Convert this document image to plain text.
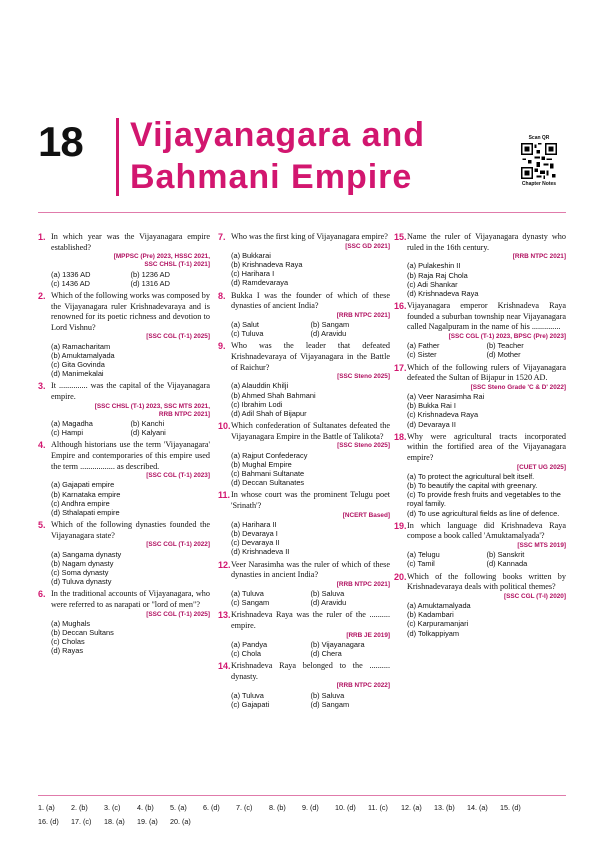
18 Vijayanagara and
Bahmani Empire
Scan QR
Chapter Notes
1. In which year was the Vijayanagara empire established?
[MPPSC (Pre) 2023, HSSC 2021,
SSC CHSL (T-1) 2021]
(a) 1336 AD	(b) 1236 AD
(c) 1436 AD	(d) 1316 AD
2. Which of the following works was composed by the Vijayanagara ruler Krishnadevaraya and is renowned for its poetic richness and devotion to Lord Vishnu?
[SSC CGL (T-1) 2025]
(a) Ramacharitam
(b) Amuktamalyada
(c) Gita Govinda
(d) Manimekalai
3. It .............. was the capital of the Vijayanagara empire.
[SSC CHSL (T-1) 2023, SSC MTS 2021,
RRB NTPC 2021]
(a) Magadha	(b) Kanchi
(c) Hampi	(d) Kalyani
4. Although historians use the term 'Vijayanagara' Empire and contemporaries of this empire used the term ................. as described.
[SSC CGL (T-1) 2023]
(a) Gajapati empire
(b) Karnataka empire
(c) Andhra empire
(d) Sthalapati empire
5. Which of the following dynasties founded the Vijayanagara state?
[SSC CGL (T-1) 2022]
(a) Sangama dynasty
(b) Nagam dynasty
(c) Soma dynasty
(d) Tuluva dynasty
6. In the traditional accounts of Vijayanagara, who were referred to as narapati or "lord of men"?
[SSC CGL (T-1) 2025]
(a) Mughals
(b) Deccan Sultans
(c) Cholas
(d) Rayas
7. Who was the first king of Vijayanagara empire?
[SSC GD 2021]
(a) Bukkarai
(b) Krishnadeva Raya
(c) Harihara I
(d) Ramdevaraya
8. Bukka I was the founder of which of these dynasties of ancient India?
[RRB NTPC 2021]
(a) Salut	(b) Sangam
(c) Tuluva	(d) Aravidu
9. Who was the leader that defeated Krishnadevaraya of Vijayanagara in the Battle of Raichur?
[SSC Steno 2025]
(a) Alauddin Khilji
(b) Ahmed Shah Bahmani
(c) Ibrahim Lodi
(d) Adil Shah of Bijapur
10. Which confederation of Sultanates defeated the Vijayanagara Empire in the Battle of Talikota?
[SSC Steno 2025]
(a) Rajput Confederacy
(b) Mughal Empire
(c) Bahmani Sultanate
(d) Deccan Sultanates
11. In whose court was the prominent Telugu poet 'Srinath'?
[NCERT Based]
(a) Harihara II
(b) Devaraya I
(c) Devaraya II
(d) Krishnadeva II
12. Veer Narasimha was the ruler of which of these dynasties in ancient India?
[RRB NTPC 2021]
(a) Tuluva	(b) Saluva
(c) Sangam	(d) Aravidu
13. Krishnadeva Raya was the ruler of the .......... empire.
[RRB JE 2019]
(a) Pandya	(b) Vijayanagara
(c) Chola	(d) Chera
14. Krishnadeva Raya belonged to the .......... dynasty.
[RRB NTPC 2022]
(a) Tuluva	(b) Saluva
(c) Gajapati	(d) Sangam
15. Name the ruler of Vijayanagara dynasty who ruled in the 16th century.
[RRB NTPC 2021]
(a) Pulakeshin II
(b) Raja Raj Chola
(c) Adi Shankar
(d) Krishnadeva Raya
16. Vijayanagara emperor Krishnadeva Raya founded a suburban township near Vijayanagara called Nagalpuram in the name of his ..............
[SSC CGL (T-1) 2023, BPSC (Pre) 2023]
(a) Father	(b) Teacher
(c) Sister	(d) Mother
17. Which of the following rulers of Vijayanagara defeated the Sultan of Bijapur in 1520 AD.
[SSC Steno Grade 'C & D' 2022]
(a) Veer Narasimha Rai
(b) Bukka Rai I
(c) Krishnadeva Raya
(d) Devaraya II
18. Why were agricultural tracts incorporated within the fortified area of the Vijayanagara empire?
[CUET UG 2025]
(a) To protect the agricultural belt itself.
(b) To beautify the capital with greenary.
(c) To provide fresh fruits and vegetables to the royal family.
(d) To use agricultural fields as line of defence.
19. In which language did Krishnadeva Raya compose a book called 'Amuktamalyada'?
[SSC MTS 2019]
(a) Telugu	(b) Sanskrit
(c) Tamil	(d) Kannada
20. Which of the following books written by Krishnadevaraya deals with political themes?
[SSC CGL (T-I) 2020]
(a) Amuktamalyada
(b) Kadambari
(c) Karpuramanjari
(d) Tolkappiyam
1. (a)	2. (b)	3. (c)	4. (b)	5. (a)	6. (d)	7. (c)	8. (b)	9. (d)	10. (d)	11. (c)	12. (a)	13. (b)	14. (a)	15. (d)
16. (d)	17. (c)	18. (a)	19. (a)	20. (a)
